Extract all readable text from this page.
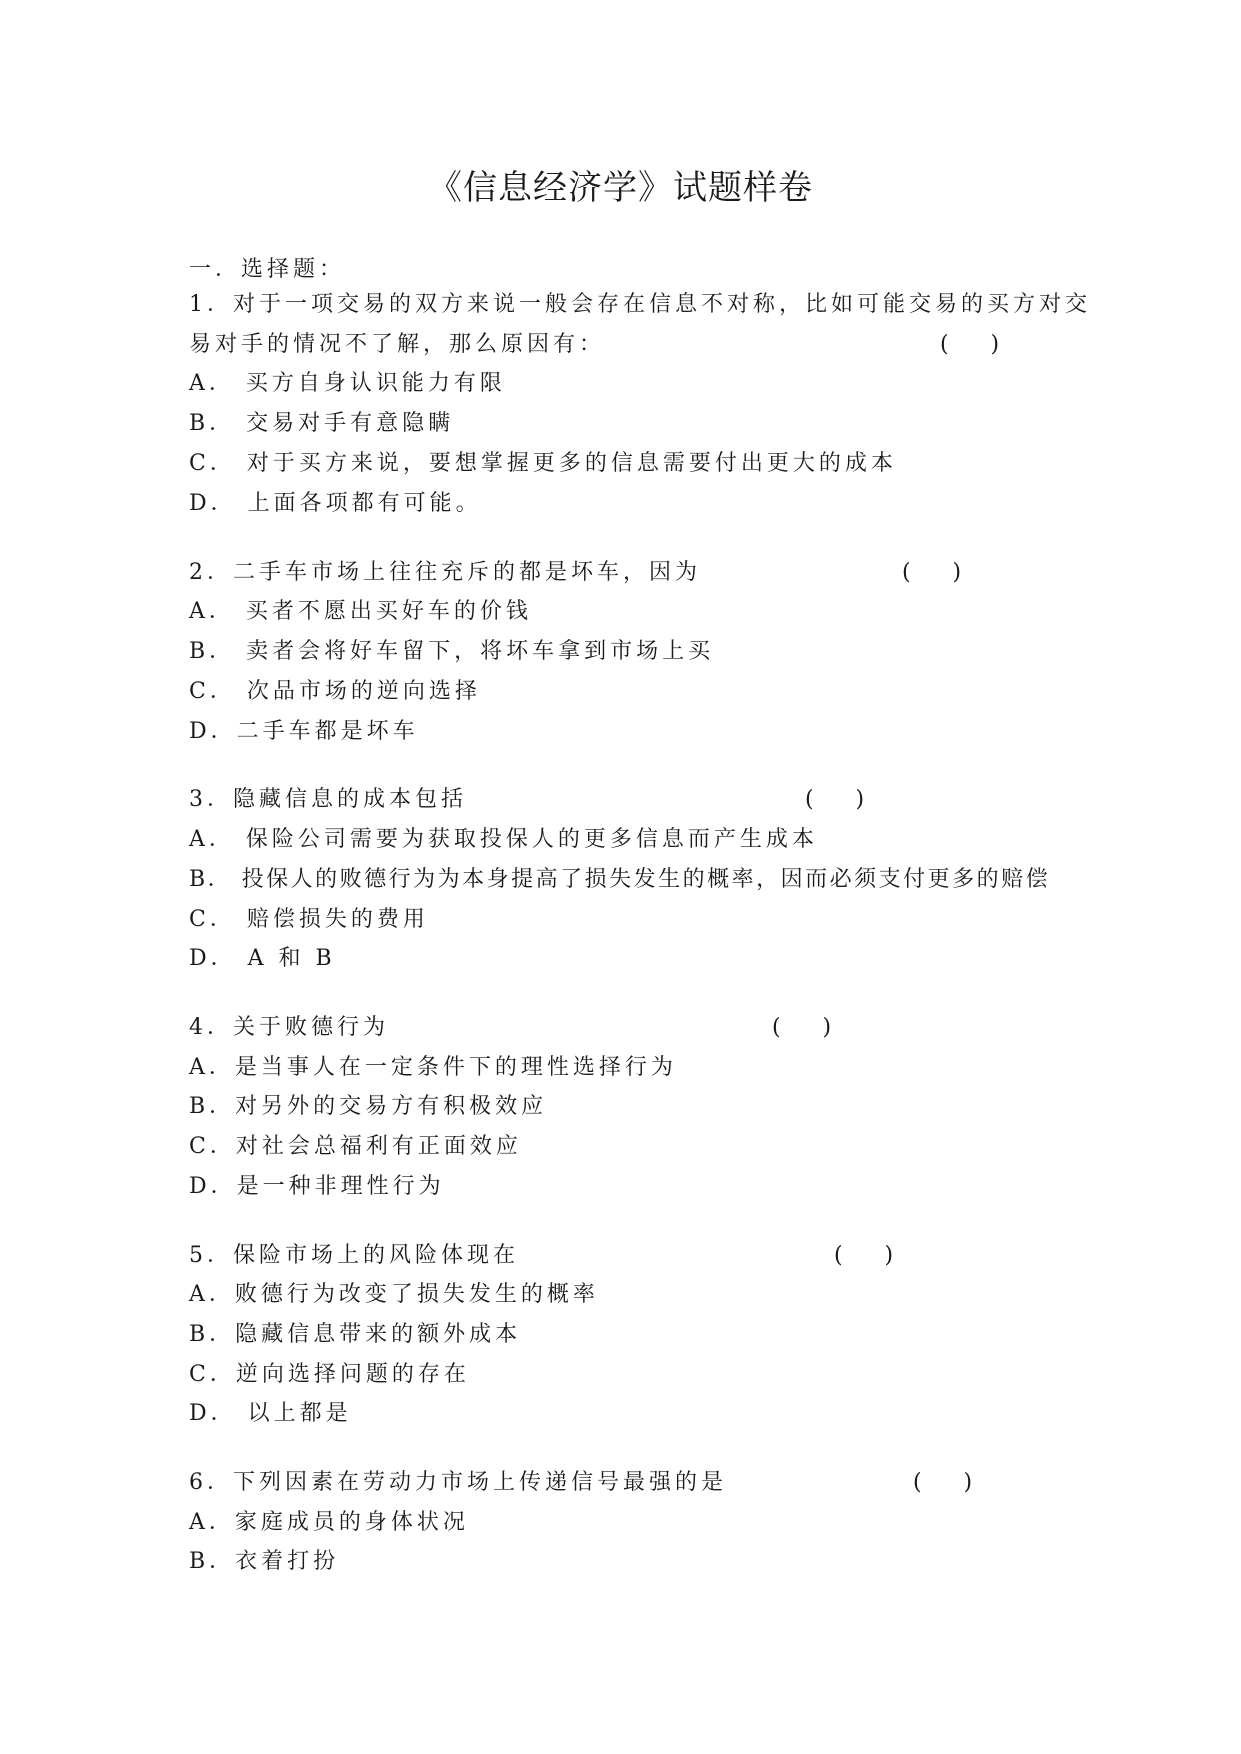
《信息经济学》试题样卷
一．选择题：
1．对于一项交易的双方来说一般会存在信息不对称，比如可能交易的买方对交
易对手的情况不了解，那么原因有：	(      )
A． 买方自身认识能力有限
B． 交易对手有意隐瞒
C． 对于买方来说，要想掌握更多的信息需要付出更大的成本
D． 上面各项都有可能。
2．二手车市场上往往充斥的都是坏车，因为	(      )
A． 买者不愿出买好车的价钱
B． 卖者会将好车留下，将坏车拿到市场上买
C． 次品市场的逆向选择
D．二手车都是坏车
3．隐藏信息的成本包括	(      )
A． 保险公司需要为获取投保人的更多信息而产生成本
B． 投保人的败德行为为本身提高了损失发生的概率，因而必须支付更多的赔偿
C． 赔偿损失的费用
D． A 和 B
4．关于败德行为	(      )
A．是当事人在一定条件下的理性选择行为
B．对另外的交易方有积极效应
C．对社会总福利有正面效应
D．是一种非理性行为
5．保险市场上的风险体现在	(      )
A．败德行为改变了损失发生的概率
B．隐藏信息带来的额外成本
C．逆向选择问题的存在
D． 以上都是
6．下列因素在劳动力市场上传递信号最强的是	(      )
A．家庭成员的身体状况
B．衣着打扮
